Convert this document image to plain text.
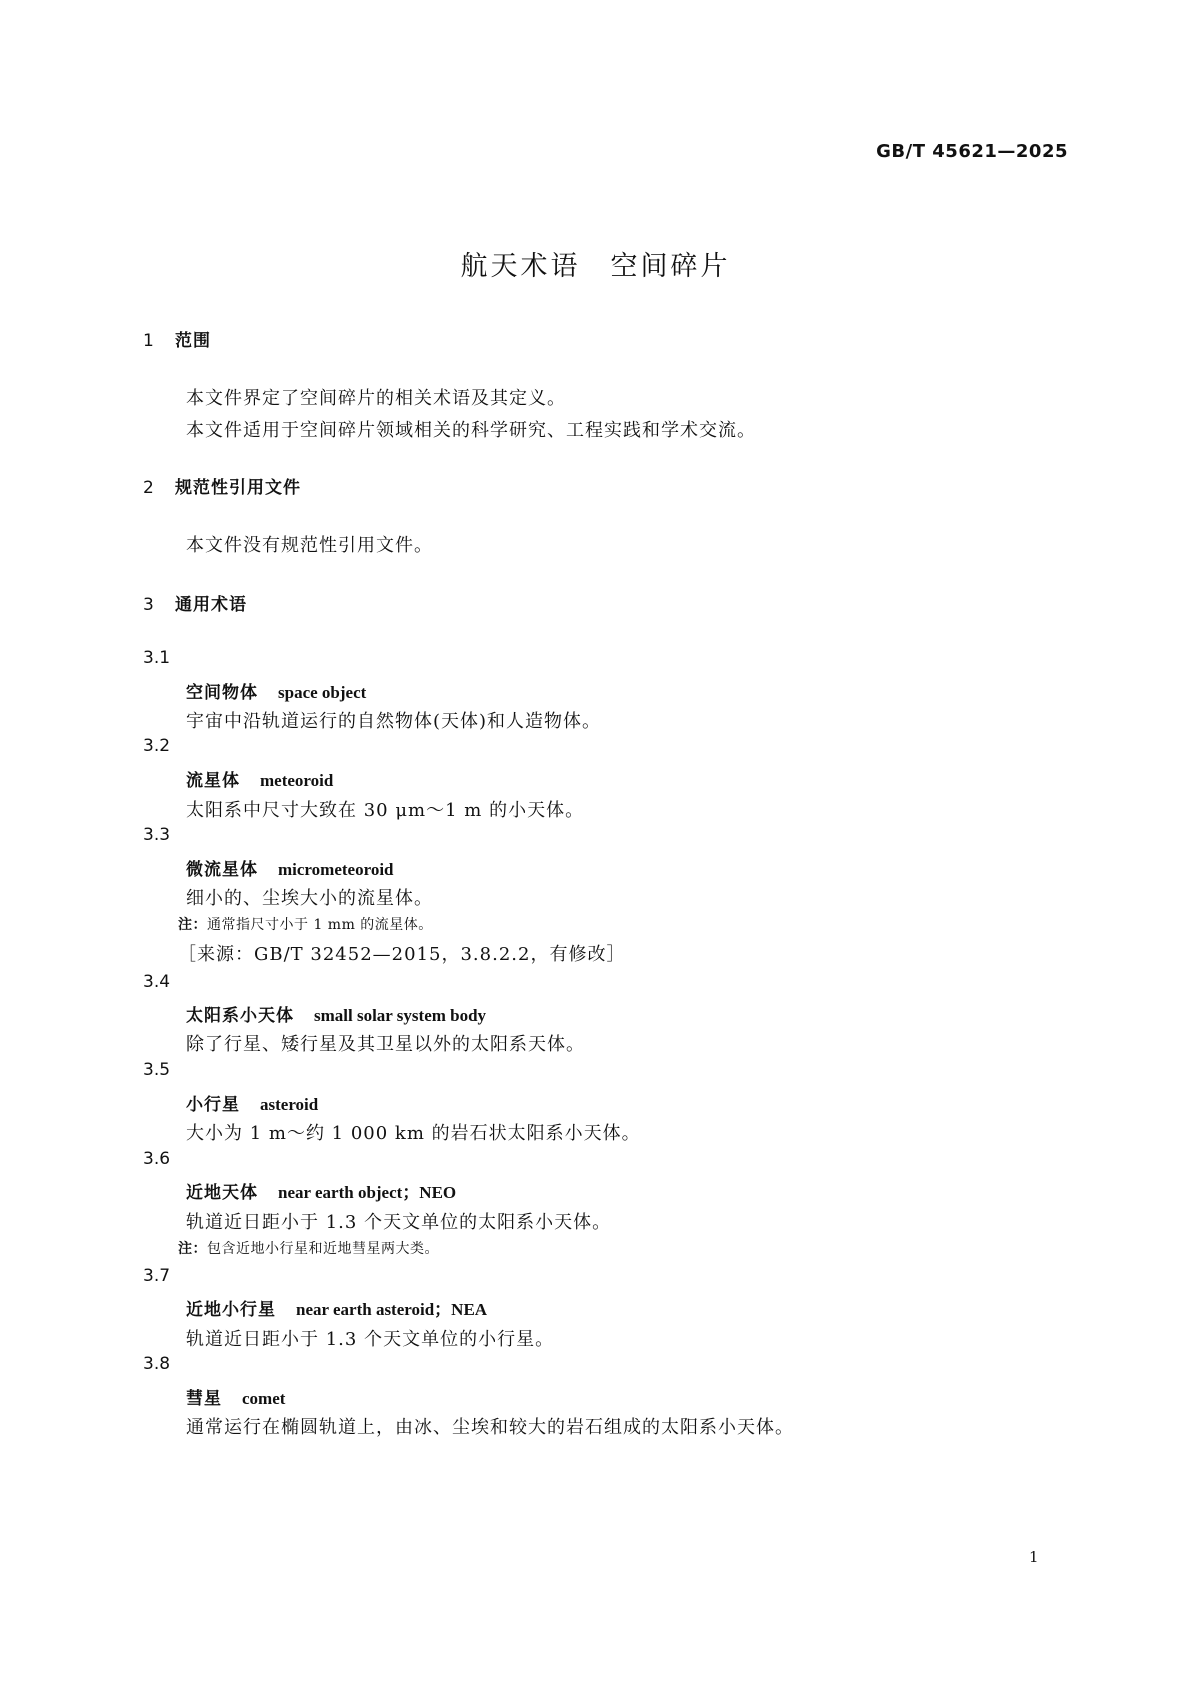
GB/T 45621—2025
航天术语 空间碎片
1 范围
本文件界定了空间碎片的相关术语及其定义。
本文件适用于空间碎片领域相关的科学研究、工程实践和学术交流。
2 规范性引用文件
本文件没有规范性引用文件。
3 通用术语
3.1
空间物体 space object
宇宙中沿轨道运行的自然物体(天体)和人造物体。
3.2
流星体 meteoroid
太阳系中尺寸大致在 30 μm～1 m 的小天体。
3.3
微流星体 micrometeoroid
细小的、尘埃大小的流星体。
注：通常指尺寸小于 1 mm 的流星体。
［来源：GB/T 32452—2015，3.8.2.2，有修改］
3.4
太阳系小天体 small solar system body
除了行星、矮行星及其卫星以外的太阳系天体。
3.5
小行星 asteroid
大小为 1 m～约 1 000 km 的岩石状太阳系小天体。
3.6
近地天体 near earth object；NEO
轨道近日距小于 1.3 个天文单位的太阳系小天体。
注：包含近地小行星和近地彗星两大类。
3.7
近地小行星 near earth asteroid；NEA
轨道近日距小于 1.3 个天文单位的小行星。
3.8
彗星 comet
通常运行在椭圆轨道上，由冰、尘埃和较大的岩石组成的太阳系小天体。
1
